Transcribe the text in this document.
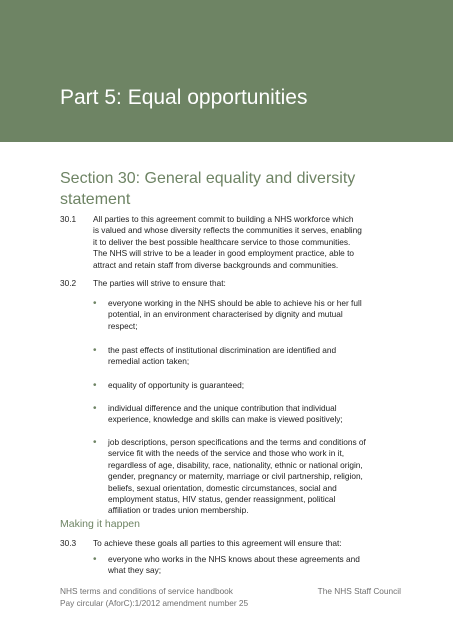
Part 5: Equal opportunities
Section 30: General equality and diversity
statement
30.1 All parties to this agreement commit to building a NHS workforce which
is valued and whose diversity reflects the communities it serves, enabling
it to deliver the best possible healthcare service to those communities.
The NHS will strive to be a leader in good employment practice, able to
attract and retain staff from diverse backgrounds and communities.
30.2 The parties will strive to ensure that:
• everyone working in the NHS should be able to achieve his or her full
potential, in an environment characterised by dignity and mutual
respect;
• the past effects of institutional discrimination are identified and
remedial action taken;
• equality of opportunity is guaranteed;
• individual difference and the unique contribution that individual
experience, knowledge and skills can make is viewed positively;
• job descriptions, person specifications and the terms and conditions of
service fit with the needs of the service and those who work in it,
regardless of age, disability, race, nationality, ethnic or national origin,
gender, pregnancy or maternity, marriage or civil partnership, religion,
beliefs, sexual orientation, domestic circumstances, social and
employment status, HIV status, gender reassignment, political
affiliation or trades union membership.
Making it happen
30.3 To achieve these goals all parties to this agreement will ensure that:
• everyone who works in the NHS knows about these agreements and
what they say;
NHS terms and conditions of service handbook
Pay circular (AforC):1/2012 amendment number 25
The NHS Staff Council
